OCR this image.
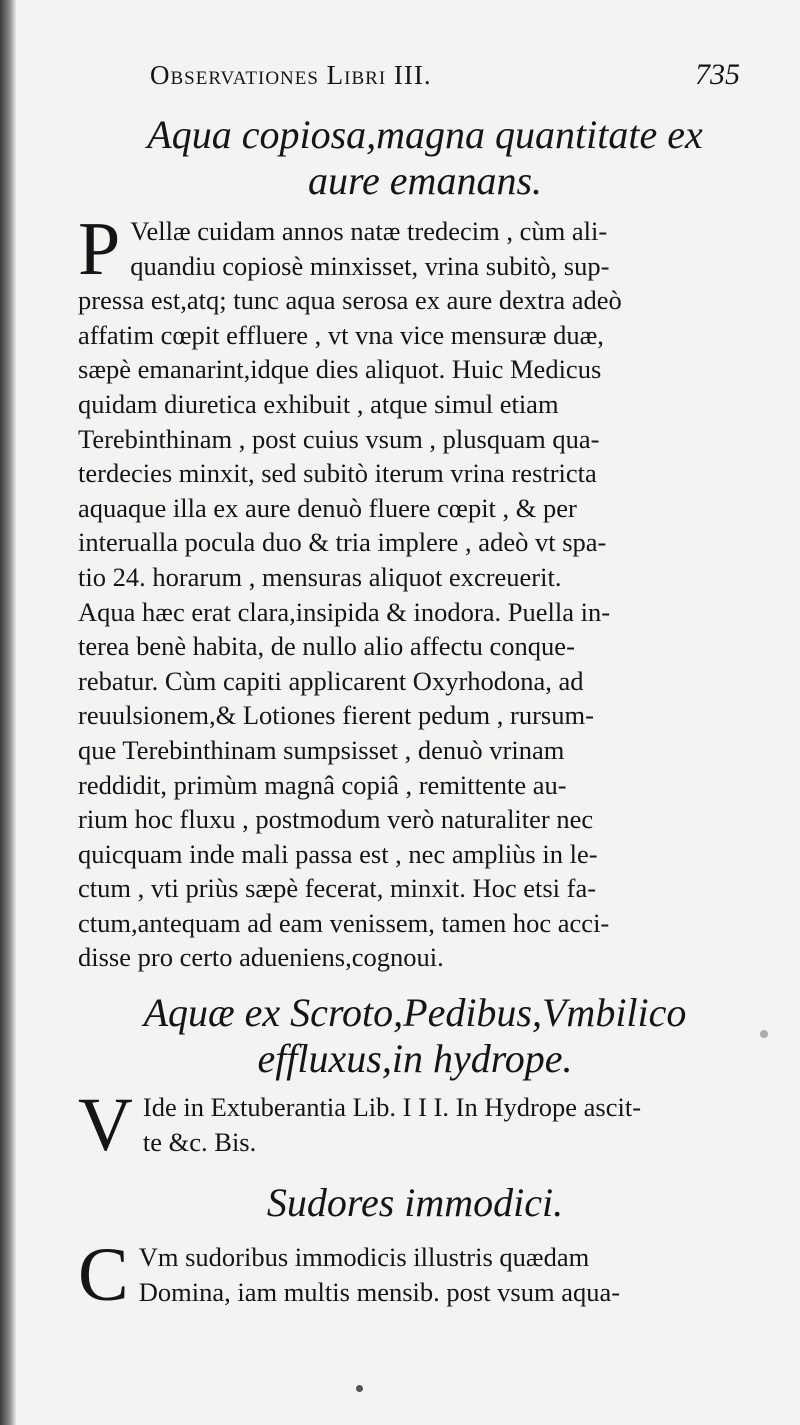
Observationes Libri III.	735
Aqua copiosa,magna quantitate ex
aure emanans.
P Vellæ cuidam annos natæ tredecim , cùm ali-
quandiu copiosè minxisset, vrina subitò, sup-
pressa est,atq; tunc aqua serosa ex aure dextra adeò
affatim cœpit effluere , vt vna vice mensuræ duæ,
sæpè emanarint,idque dies aliquot. Huic Medicus
quidam diuretica exhibuit , atque simul etiam
Terebinthinam , post cuius vsum , plusquam qua-
terdecies minxit, sed subitò iterum vrina restricta
aquaque illa ex aure denuò fluere cœpit , & per
interualla pocula duo & tria implere , adeò vt spa-
tio 24. horarum , mensuras aliquot excreuerit.
Aqua hæc erat clara,insipida & inodora. Puella in-
terea benè habita, de nullo alio affectu conque-
rebatur. Cùm capiti applicarent Oxyrhodona, ad
reuulsionem,& Lotiones fierent pedum , rursum-
que Terebinthinam sumpsisset , denuò vrinam
reddidit, primùm magnâ copiâ , remittente au-
rium hoc fluxu , postmodum verò naturaliter nec
quicquam inde mali passa est , nec ampliùs in le-
ctum , vti priùs sæpè fecerat, minxit. Hoc etsi fa-
ctum,antequam ad eam venissem, tamen hoc acci-
disse pro certo adueniens,cognoui.
Aquæ ex Scroto,Pedibus,Vmbilico
effluxus,in hydrope.
V Ide in Extuberantia Lib. I I I. In Hydrope ascit-
te &c. Bis.
Sudores immodici.
C Vm sudoribus immodicis illustris quædam
Domina, iam multis mensib. post vsum aqua-
